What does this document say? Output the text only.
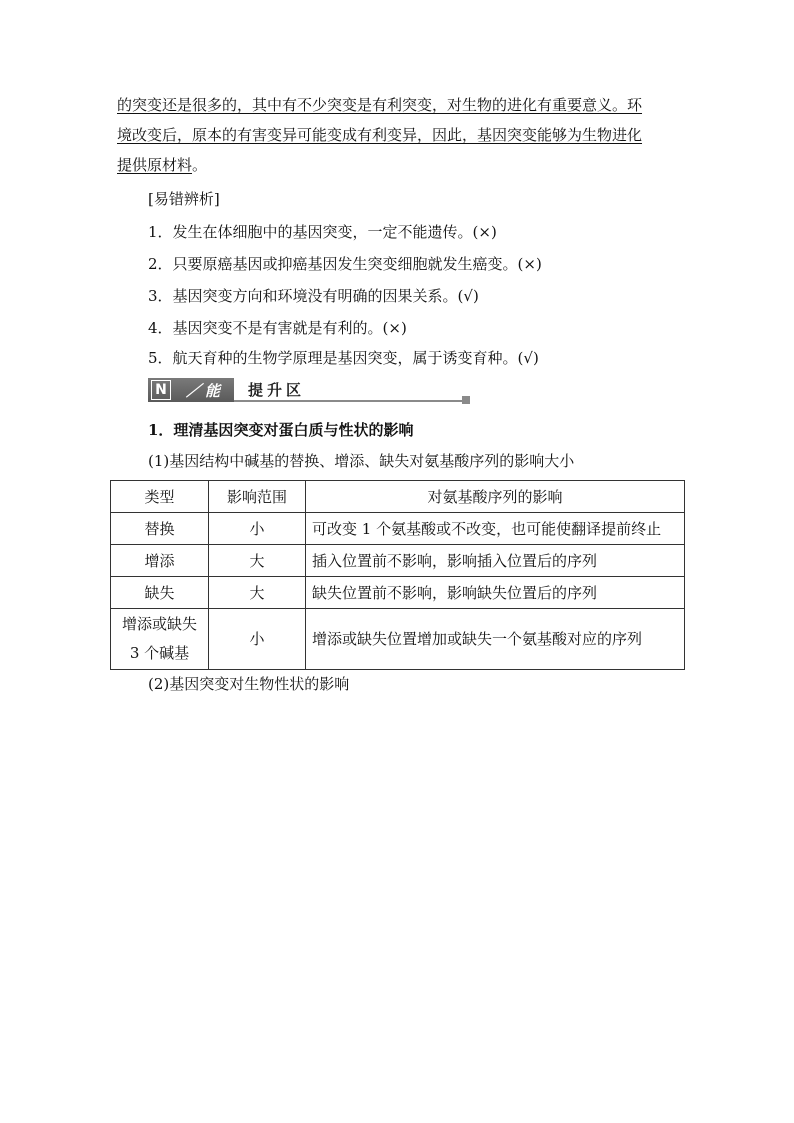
的突变还是很多的，其中有不少突变是有利突变，对生物的进化有重要意义。环
境改变后，原本的有害变异可能变成有利变异，因此，基因突变能够为生物进化
提供原材料。
[易错辨析]
1．发生在体细胞中的基因突变，一定不能遗传。(×)
2．只要原癌基因或抑癌基因发生突变细胞就发生癌变。(×)
3．基因突变方向和环境没有明确的因果关系。(√)
4．基因突变不是有害就是有利的。(×)
5．航天育种的生物学原理是基因突变，属于诱变育种。(√)
N ／能 力
提升区
1．理清基因突变对蛋白质与性状的影响
(1)基因结构中碱基的替换、增添、缺失对氨基酸序列的影响大小
类型	影响范围	对氨基酸序列的影响
替换	小	可改变 1 个氨基酸或不改变，也可能使翻译提前终止
增添	大	插入位置前不影响，影响插入位置后的序列
缺失	大	缺失位置前不影响，影响缺失位置后的序列
增添或缺失
3 个碱基	小	增添或缺失位置增加或缺失一个氨基酸对应的序列
(2)基因突变对生物性状的影响
